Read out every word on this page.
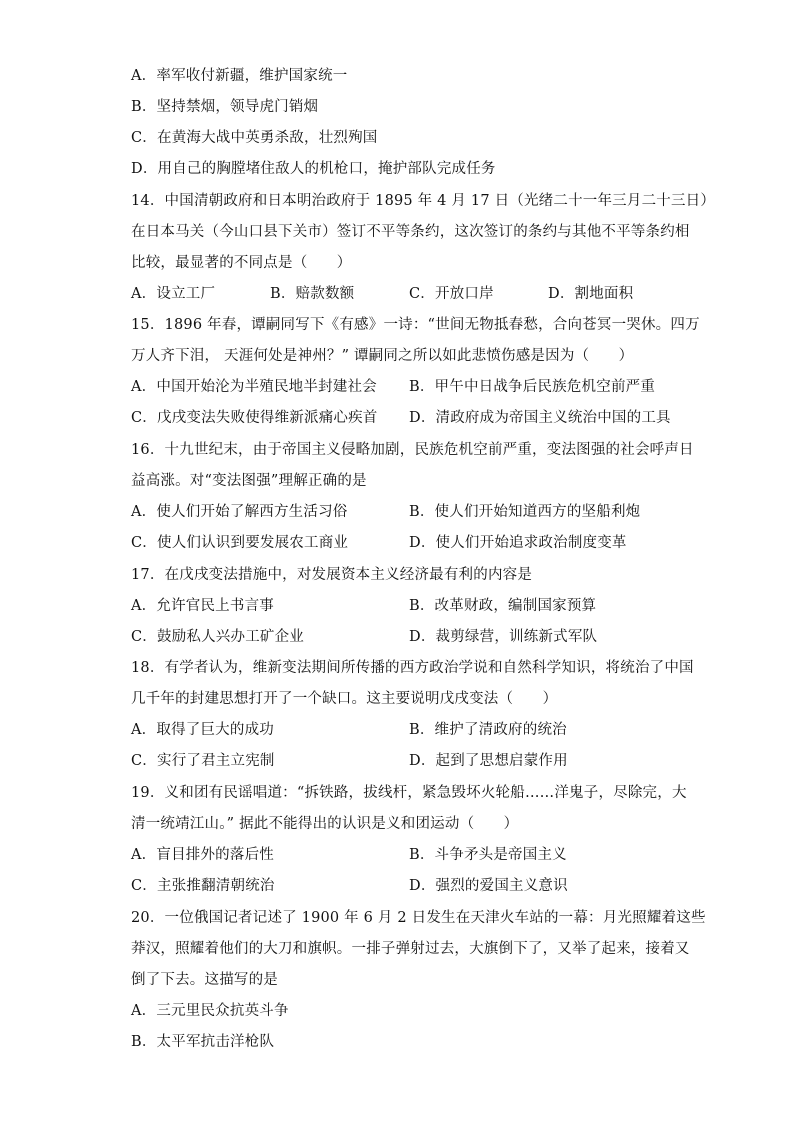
A．率军收付新疆，维护国家统一
B．坚持禁烟，领导虎门销烟
C．在黄海大战中英勇杀敌，壮烈殉国
D．用自己的胸膛堵住敌人的机枪口，掩护部队完成任务
14．中国清朝政府和日本明治政府于 1895 年 4 月 17 日（光绪二十一年三月二十三日）
在日本马关（今山口县下关市）签订不平等条约，这次签订的条约与其他不平等条约相
比较，最显著的不同点是（　　）
A．设立工厂	B．赔款数额	C．开放口岸	D．割地面积
15．1896 年春，谭嗣同写下《有感》一诗：“世间无物抵春愁，合向苍冥一哭休。四万
万人齐下泪， 天涯何处是神州？” 谭嗣同之所以如此悲愤伤感是因为（　　）
A．中国开始沦为半殖民地半封建社会 B．甲午中日战争后民族危机空前严重
C．戊戌变法失败使得维新派痛心疾首 D．清政府成为帝国主义统治中国的工具
16．十九世纪末，由于帝国主义侵略加剧，民族危机空前严重，变法图强的社会呼声日
益高涨。对“变法图强”理解正确的是
A．使人们开始了解西方生活习俗	B．使人们开始知道西方的坚船利炮
C．使人们认识到要发展农工商业	D．使人们开始追求政治制度变革
17．在戊戌变法措施中，对发展资本主义经济最有利的内容是
A．允许官民上书言事	B．改革财政，编制国家预算
C．鼓励私人兴办工矿企业	D．裁剪绿营，训练新式军队
18．有学者认为，维新变法期间所传播的西方政治学说和自然科学知识，将统治了中国
几千年的封建思想打开了一个缺口。这主要说明戊戌变法（　　）
A．取得了巨大的成功	B．维护了清政府的统治
C．实行了君主立宪制	D．起到了思想启蒙作用
19．义和团有民谣唱道：“拆铁路，拔线杆，紧急毁坏火轮船……洋鬼子，尽除完，大
清一统靖江山。” 据此不能得出的认识是义和团运动（　　）
A．盲目排外的落后性	B．斗争矛头是帝国主义
C．主张推翻清朝统治	D．强烈的爱国主义意识
20．一位俄国记者记述了 1900 年 6 月 2 日发生在天津火车站的一幕：月光照耀着这些
莽汉，照耀着他们的大刀和旗帜。一排子弹射过去，大旗倒下了，又举了起来，接着又
倒了下去。这描写的是
A．三元里民众抗英斗争
B．太平军抗击洋枪队
